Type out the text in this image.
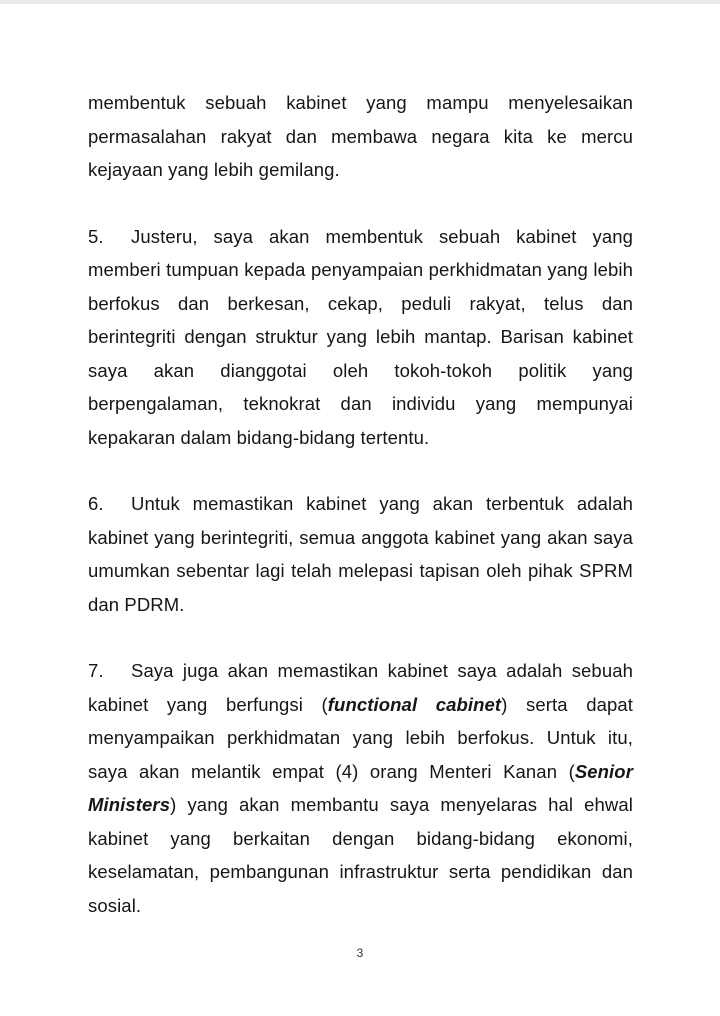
membentuk sebuah kabinet yang mampu menyelesaikan permasalahan rakyat dan membawa negara kita ke mercu kejayaan yang lebih gemilang.

5. Justeru, saya akan membentuk sebuah kabinet yang memberi tumpuan kepada penyampaian perkhidmatan yang lebih berfokus dan berkesan, cekap, peduli rakyat, telus dan berintegriti dengan struktur yang lebih mantap. Barisan kabinet saya akan dianggotai oleh tokoh-tokoh politik yang berpengalaman, teknokrat dan individu yang mempunyai kepakaran dalam bidang-bidang tertentu.

6. Untuk memastikan kabinet yang akan terbentuk adalah kabinet yang berintegriti, semua anggota kabinet yang akan saya umumkan sebentar lagi telah melepasi tapisan oleh pihak SPRM dan PDRM.

7. Saya juga akan memastikan kabinet saya adalah sebuah kabinet yang berfungsi (functional cabinet) serta dapat menyampaikan perkhidmatan yang lebih berfokus. Untuk itu, saya akan melantik empat (4) orang Menteri Kanan (Senior Ministers) yang akan membantu saya menyelaras hal ehwal kabinet yang berkaitan dengan bidang-bidang ekonomi, keselamatan, pembangunan infrastruktur serta pendidikan dan sosial.

3
